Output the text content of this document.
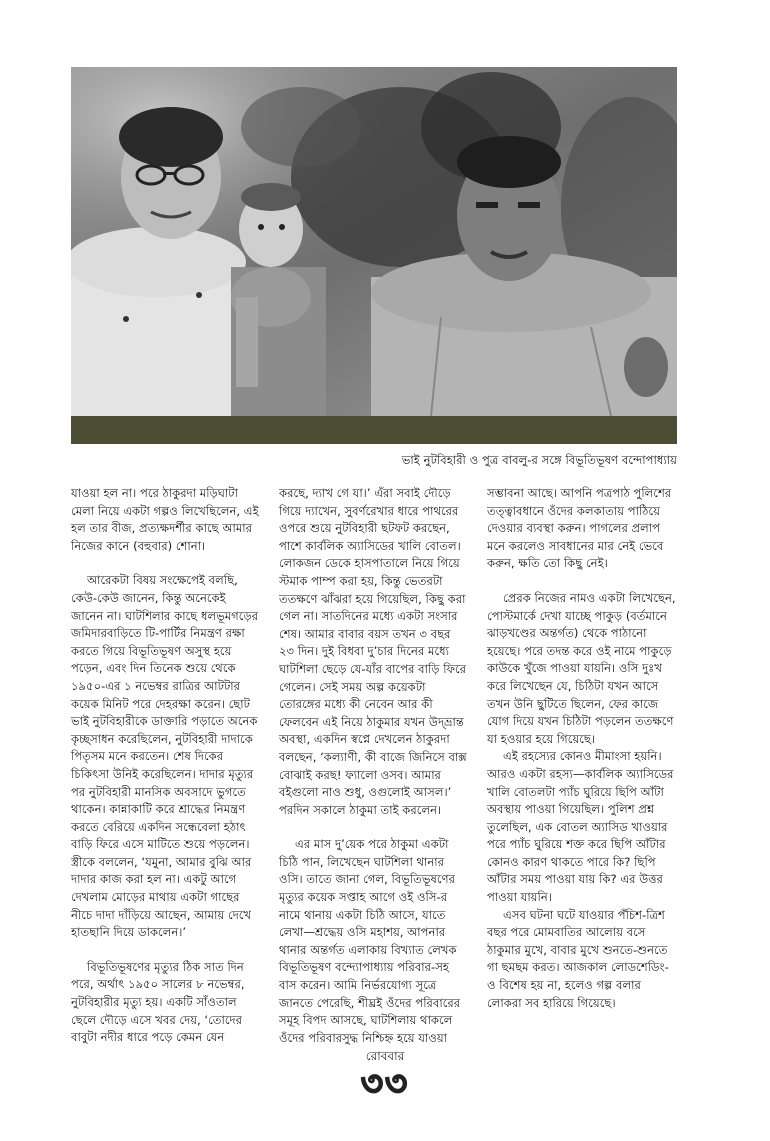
ভাই নুটবিহারী ও পুত্র বাবলু-র সঙ্গে বিভূতিভূষণ বন্দোপাধ্যায়

যাওয়া হল না। পরে ঠাকুরদা মড়িঘাটা মেলা নিয়ে একটা গল্পও লিখেছিলেন, এই হল তার বীজ, প্রত্যক্ষদর্শীর কাছে আমার নিজের কানে (বহুবার) শোনা।

আরেকটা বিষয় সংক্ষেপেই বলছি, কেউ-কেউ জানেন, কিন্তু অনেকেই জানেন না। ঘাটশিলার কাছে ধলভূমগড়ের জমিদারবাড়িতে টি-পার্টির নিমন্ত্রণ রক্ষা করতে গিয়ে বিভূতিভূষণ অসুস্থ হয়ে পড়েন, এবং দিন তিনেক শুয়ে থেকে ১৯৫০-এর ১ নভেম্বর রাত্রির আটটার কয়েক মিনিট পরে দেহরক্ষা করেন। ছোট ভাই নুটবিহারীকে ডাক্তারি পড়াতে অনেক কৃচ্ছসাধন করেছিলেন, নুটবিহারী দাদাকে পিতৃসম মনে করতেন। শেষ দিকের চিকিৎসা উনিই করেছিলেন। দাদার মৃত্যুর পর নুটবিহারী মানসিক অবসাদে ভুগতে থাকেন। কান্নাকাটি করে শ্রাদ্ধের নিমন্ত্রণ করতে বেরিয়ে একদিন সন্ধেবেলা হঠাৎ বাড়ি ফিরে এসে মাটিতে শুয়ে পড়লেন। স্ত্রীকে বললেন, ‘যমুনা, আমার বুঝি আর দাদার কাজ করা হল না। একটু আগে দেখলাম মোড়ের মাথায় একটা গাছের নীচে দাদা দাঁড়িয়ে আছেন, আমায় দেখে হাতছানি দিয়ে ডাকলেন।’

বিভূতিভূষণের মৃত্যুর ঠিক সাত দিন পরে, অর্থাৎ ১৯৫০ সালের ৮ নভেম্বর, নুটবিহারীর মৃত্যু হয়। একটি সাঁওতাল ছেলে দৌড়ে এসে খবর দেয়, ‘তোদের বাবুটা নদীর ধারে পড়ে কেমন যেন

করছে, দ্যাখ গে যা।’ এঁরা সবাই দৌড়ে গিয়ে দ্যাখেন, সুবর্ণরেখার ধারে পাথরের ওপরে শুয়ে নুটবিহারী ছটফট করছেন, পাশে কার্বলিক অ্যাসিডের খালি বোতল। লোকজন ডেকে হাসপাতালে নিয়ে গিয়ে স্টমাক পাম্প করা হয়, কিন্তু ভেতরটা ততক্ষণে ঝাঁঝরা হয়ে গিয়েছিল, কিছু করা গেল না। সাতদিনের মধ্যে একটা সংসার শেষ। আমার বাবার বয়স তখন ৩ বছর ২৩ দিন। দুই বিধবা দু’চার দিনের মধ্যে ঘাটশিলা ছেড়ে যে-যাঁর বাপের বাড়ি ফিরে গেলেন। সেই সময় অল্প কয়েকটা তোরঙ্গের মধ্যে কী নেবেন আর কী ফেলবেন এই নিয়ে ঠাকুমার যখন উদ্‌ভ্রান্ত অবস্থা, একদিন স্বপ্নে দেখলেন ঠাকুরদা বলছেন, ‘কল্যাণী, কী বাজে জিনিসে বাক্স বোঝাই করছ! ফ্যালো ওসব। আমার বইগুলো নাও শুধু, ওগুলোই আসল।’ পরদিন সকালে ঠাকুমা তাই করলেন।

এর মাস দু’য়েক পরে ঠাকুমা একটা চিঠি পান, লিখেছেন ঘাটশিলা থানার ওসি। তাতে জানা গেল, বিভূতিভূষণের মৃত্যুর কয়েক সপ্তাহ আগে ওই ওসি-র নামে থানায় একটা চিঠি আসে, যাতে লেখা—শ্রদ্ধেয় ওসি মহাশয়, আপনার থানার অন্তর্গত এলাকায় বিখ্যাত লেখক বিভূতিভূষণ বন্দ্যোপাধ্যায় পরিবার-সহ বাস করেন। আমি নির্ভরযোগ্য সূত্রে জানতে পেরেছি, শীঘ্রই ওঁদের পরিবারের সমূহ বিপদ আসছে, ঘাটশিলায় থাকলে ওঁদের পরিবারসুদ্ধ নিশ্চিহ্ন হয়ে যাওয়া

সম্ভাবনা আছে। আপনি পত্রপাঠ পুলিশের তত্ত্বাবধানে ওঁদের কলকাতায় পাঠিয়ে দেওয়ার ব্যবস্থা করুন। পাগলের প্রলাপ মনে করলেও সাবধানের মার নেই ভেবে করুন, ক্ষতি তো কিছু নেই।

প্রেরক নিজের নামও একটা লিখেছেন, পোস্টমার্কে দেখা যাচ্ছে পাকুড় (বর্তমানে ঝাড়খণ্ডের অন্তর্গত) থেকে পাঠানো হয়েছে। পরে তদন্ত করে ওই নামে পাকুড়ে কাউকে খুঁজে পাওয়া যায়নি। ওসি দুঃখ করে লিখেছেন যে, চিঠিটা যখন আসে তখন উনি ছুটিতে ছিলেন, ফের কাজে যোগ দিয়ে যখন চিঠিটা পড়লেন ততক্ষণে যা হওয়ার হয়ে গিয়েছে।

এই রহস্যের কোনও মীমাংসা হয়নি। আরও একটা রহস্য—কার্বলিক অ্যাসিডের খালি বোতলটা প্যাঁচ ঘুরিয়ে ছিপি আঁটা অবস্থায় পাওয়া গিয়েছিল। পুলিশ প্রশ্ন তুলেছিল, এক বোতল অ্যাসিড খাওয়ার পরে প্যাঁচ ঘুরিয়ে শক্ত করে ছিপি আঁটার কোনও কারণ থাকতে পারে কি? ছিপি আঁটার সময় পাওয়া যায় কি? এর উত্তর পাওয়া যায়নি।

এসব ঘটনা ঘটে যাওয়ার পঁচিশ-ত্রিশ বছর পরে মোমবাতির আলোয় বসে ঠাকুমার মুখে, বাবার মুখে শুনতে-শুনতে গা ছমছম করত। আজকাল লোডশেডিং-ও বিশেষ হয় না, হলেও গল্প বলার লোকরা সব হারিয়ে গিয়েছে।

রোববার
৩৩
